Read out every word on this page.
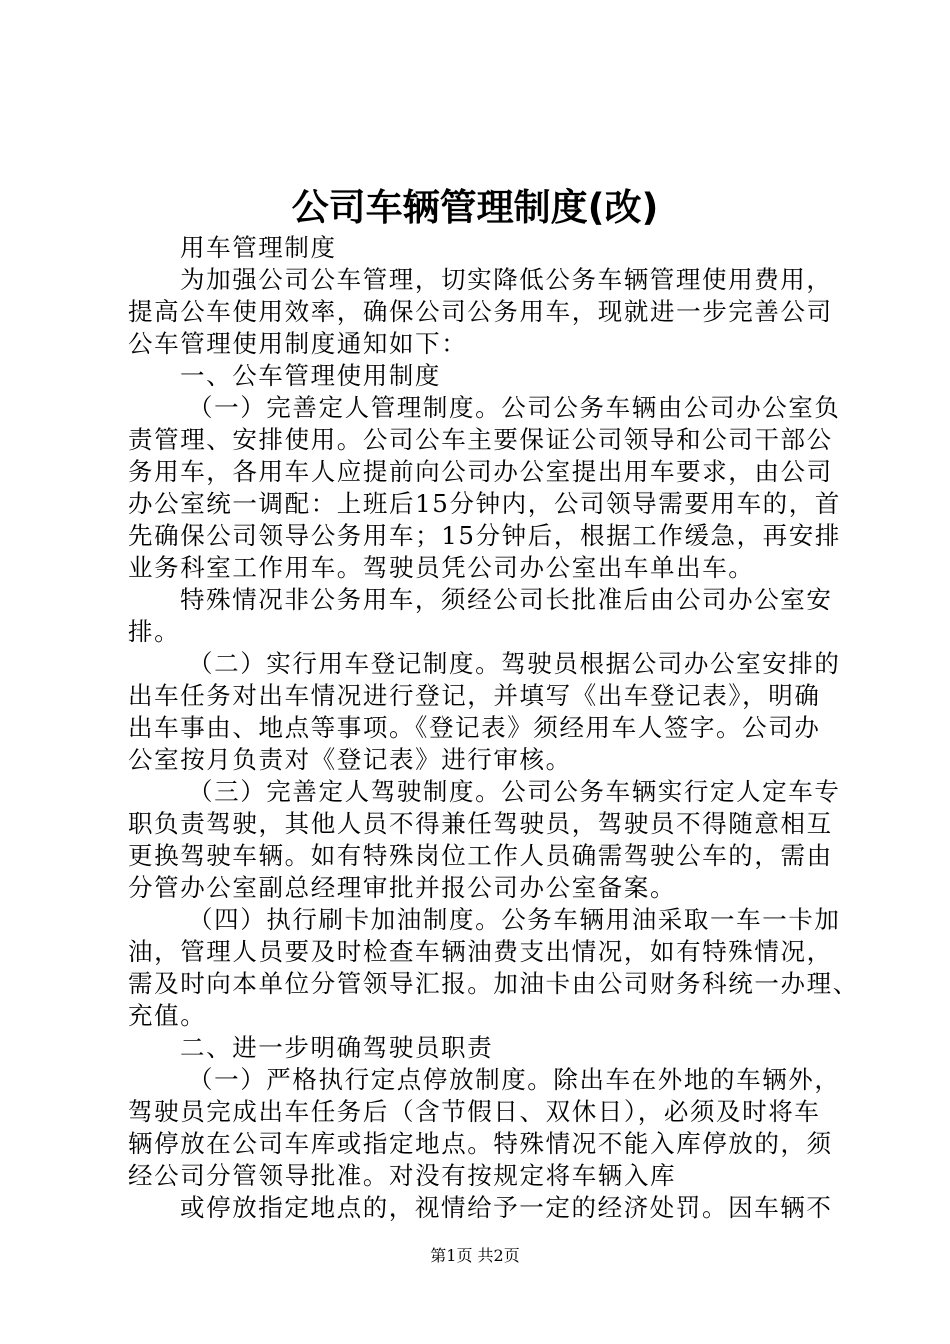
公司车辆管理制度(改)
用车管理制度
为加强公司公车管理，切实降低公务车辆管理使用费用，
提高公车使用效率，确保公司公务用车，现就进一步完善公司
公车管理使用制度通知如下：
一、公车管理使用制度
（一）完善定人管理制度。公司公务车辆由公司办公室负
责管理、安排使用。公司公车主要保证公司领导和公司干部公
务用车，各用车人应提前向公司办公室提出用车要求，由公司
办公室统一调配：上班后15分钟内，公司领导需要用车的，首
先确保公司领导公务用车；15分钟后，根据工作缓急，再安排
业务科室工作用车。驾驶员凭公司办公室出车单出车。
特殊情况非公务用车，须经公司长批准后由公司办公室安
排。
（二）实行用车登记制度。驾驶员根据公司办公室安排的
出车任务对出车情况进行登记，并填写《出车登记表》，明确
出车事由、地点等事项。《登记表》须经用车人签字。公司办
公室按月负责对《登记表》进行审核。
（三）完善定人驾驶制度。公司公务车辆实行定人定车专
职负责驾驶，其他人员不得兼任驾驶员，驾驶员不得随意相互
更换驾驶车辆。如有特殊岗位工作人员确需驾驶公车的，需由
分管办公室副总经理审批并报公司办公室备案。
（四）执行刷卡加油制度。公务车辆用油采取一车一卡加
油，管理人员要及时检查车辆油费支出情况，如有特殊情况，
需及时向本单位分管领导汇报。加油卡由公司财务科统一办理、
充值。
二、进一步明确驾驶员职责
（一）严格执行定点停放制度。除出车在外地的车辆外，
驾驶员完成出车任务后（含节假日、双休日），必须及时将车
辆停放在公司车库或指定地点。特殊情况不能入库停放的，须
经公司分管领导批准。对没有按规定将车辆入库
或停放指定地点的，视情给予一定的经济处罚。因车辆不
第1页 共2页
